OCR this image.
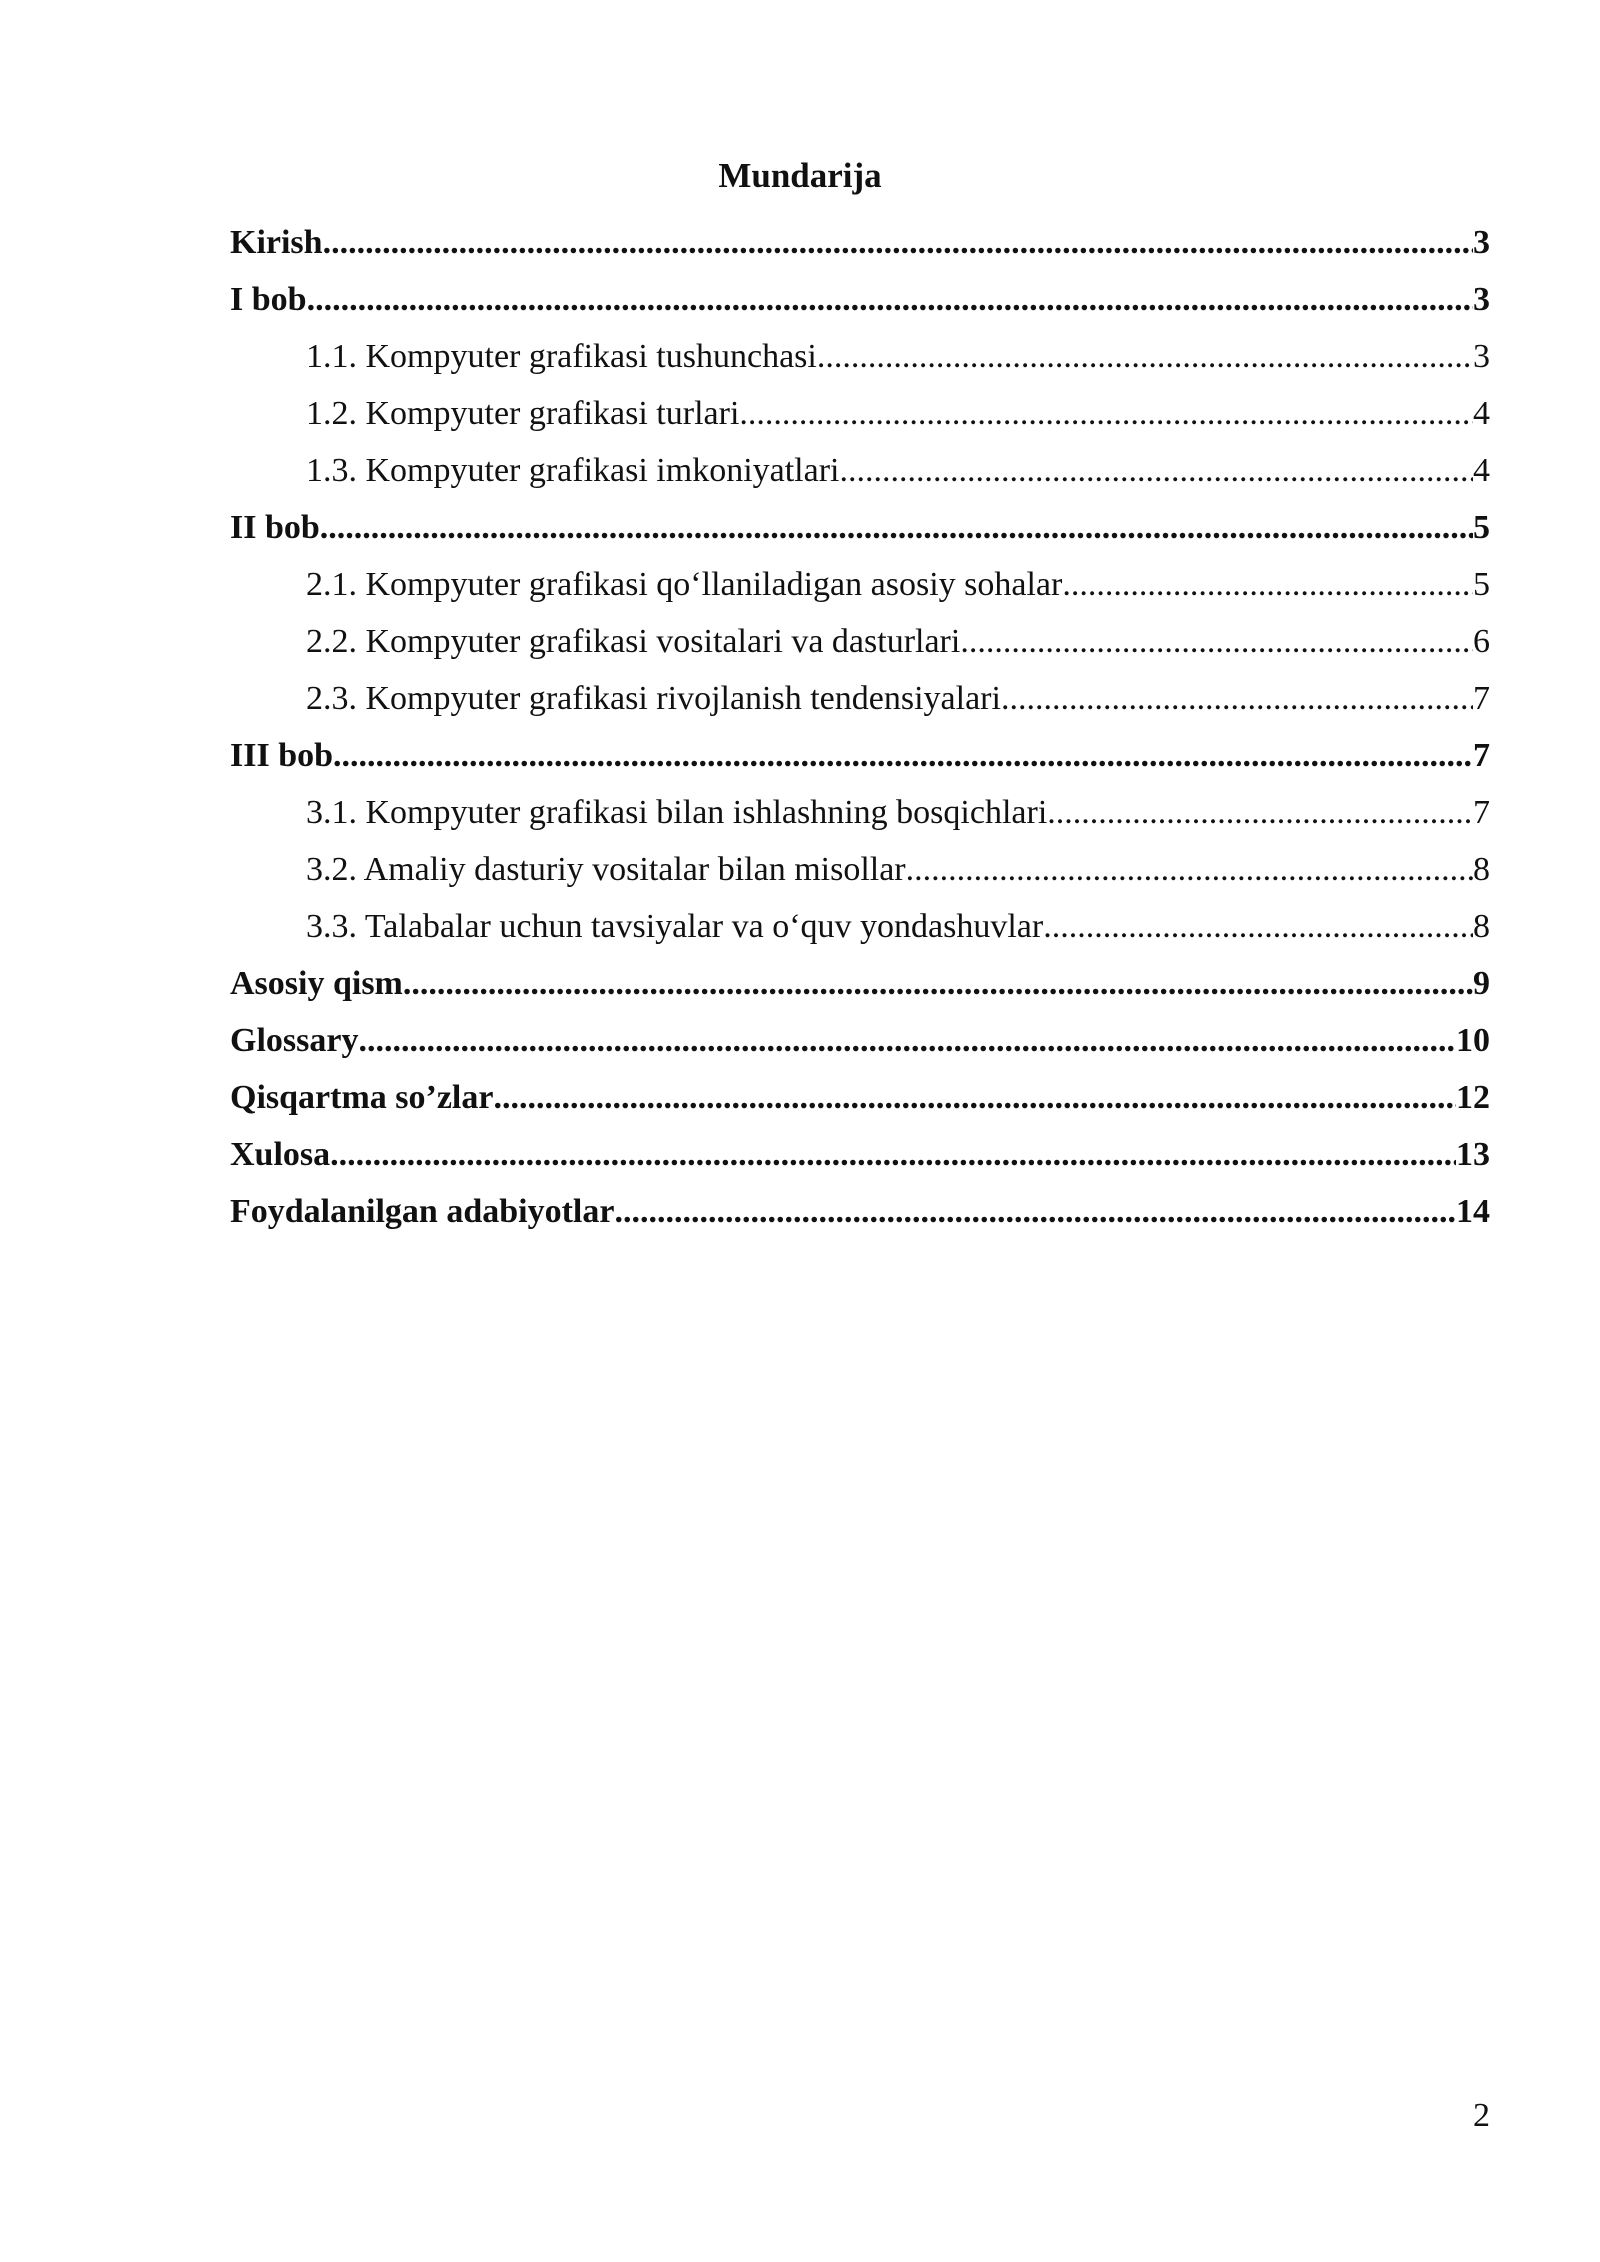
Mundarija
Kirish .....	3
I bob .....	3
1.1. Kompyuter grafikasi tushunchasi .....	3
1.2. Kompyuter grafikasi turlari .....	4
1.3. Kompyuter grafikasi imkoniyatlari .....	4
II bob .....	5
2.1. Kompyuter grafikasi qo‘llaniladigan asosiy sohalar .....	5
2.2. Kompyuter grafikasi vositalari va dasturlari .....	6
2.3. Kompyuter grafikasi rivojlanish tendensiyalari .....	7
III bob .....	7
3.1. Kompyuter grafikasi bilan ishlashning bosqichlari .....	7
3.2. Amaliy dasturiy vositalar bilan misollar .....	8
3.3. Talabalar uchun tavsiyalar va o‘quv yondashuvlar .....	8
Asosiy qism .....	9
Glossary .....	10
Qisqartma so’zlar .....	12
Xulosa .....	13
Foydalanilgan adabiyotlar .....	14

2
